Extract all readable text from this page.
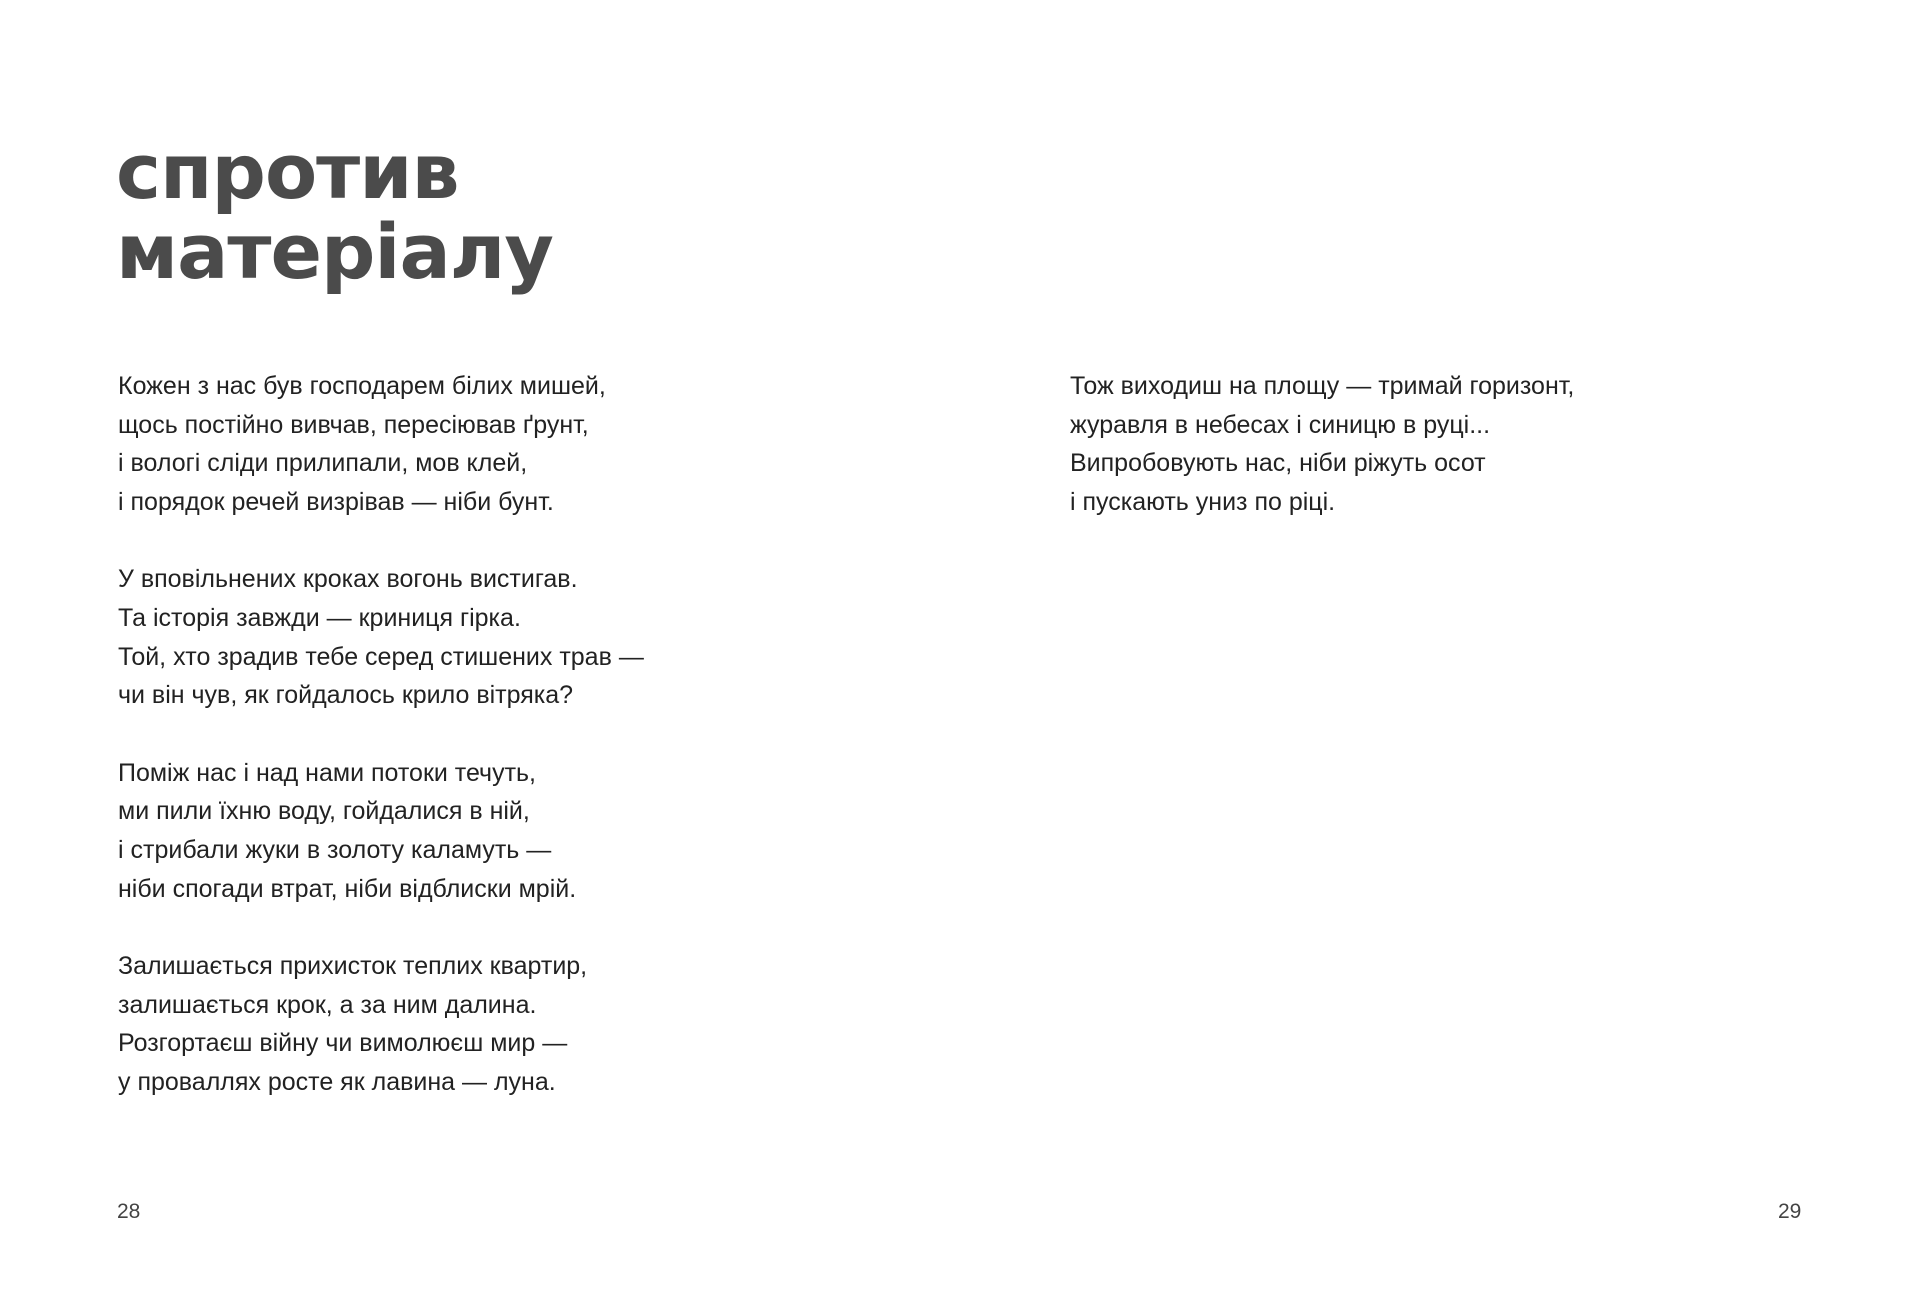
спротив
матеріалу

Кожен з нас був господарем білих мишей,
щось постійно вивчав, пересіював ґрунт,
і вологі сліди прилипали, мов клей,
і порядок речей визрівав — ніби бунт.

У вповільнених кроках вогонь вистигав.
Та історія завжди — криниця гірка.
Той, хто зрадив тебе серед стишених трав —
чи він чув, як гойдалось крило вітряка?

Поміж нас і над нами потоки течуть,
ми пили їхню воду, гойдалися в ній,
і стрибали жуки в золоту каламуть —
ніби спогади втрат, ніби відблиски мрій.

Залишається прихисток теплих квартир,
залишається крок, а за ним далина.
Розгортаєш війну чи вимолюєш мир —
у проваллях росте як лавина — луна.

28

Тож виходиш на площу — тримай горизонт,
журавля в небесах і синицю в руці...
Випробовують нас, ніби ріжуть осот
і пускають униз по ріці.

29
